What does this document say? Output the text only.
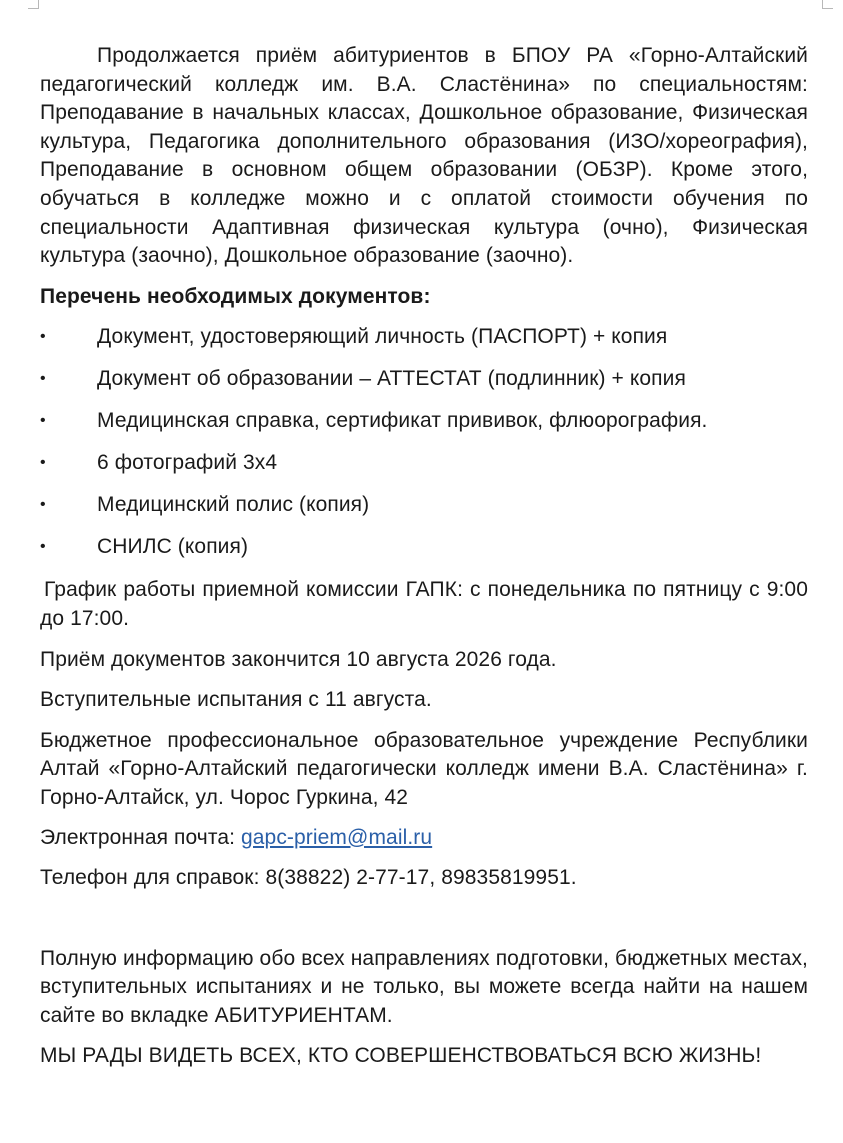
Продолжается приём абитуриентов в БПОУ РА «Горно-Алтайский педагогический колледж им. В.А. Сластёнина» по специальностям: Преподавание в начальных классах, Дошкольное образование, Физическая культура, Педагогика дополнительного образования (ИЗО/хореография), Преподавание в основном общем образовании (ОБЗР). Кроме этого, обучаться в колледже можно и с оплатой стоимости обучения по специальности Адаптивная физическая культура (очно), Физическая культура (заочно), Дошкольное образование (заочно).

Перечень необходимых документов:

•	Документ, удостоверяющий личность (ПАСПОРТ) + копия
•	Документ об образовании – АТТЕСТАТ (подлинник) + копия
•	Медицинская справка, сертификат прививок, флюорография.
•	6 фотографий 3х4
•	Медицинский полис (копия)
•	СНИЛС (копия)

График работы приемной комиссии ГАПК: с понедельника по пятницу с 9:00 до 17:00.

Приём документов закончится 10 августа 2026 года.

Вступительные испытания с 11 августа.

Бюджетное профессиональное образовательное учреждение Республики Алтай «Горно-Алтайский педагогически колледж имени В.А. Сластёнина» г. Горно-Алтайск, ул. Чорос Гуркина, 42

Электронная почта: gapc-priem@mail.ru

Телефон для справок: 8(38822) 2-77-17, 89835819951.

Полную информацию обо всех направлениях подготовки, бюджетных местах, вступительных испытаниях и не только, вы можете всегда найти на нашем сайте во вкладке АБИТУРИЕНТАМ.

МЫ РАДЫ ВИДЕТЬ ВСЕХ, КТО СОВЕРШЕНСТВОВАТЬСЯ ВСЮ ЖИЗНЬ!
